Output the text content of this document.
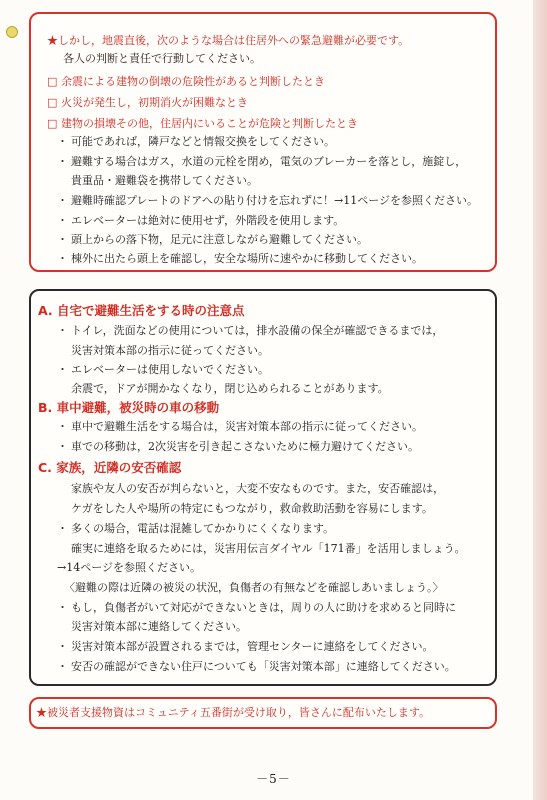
★しかし，地震直後，次のような場合は住居外への緊急避難が必要です。
各人の判断と責任で行動してください。
□ 余震による建物の倒壊の危険性があると判断したとき
□ 火災が発生し，初期消火が困難なとき
□ 建物の損壊その他，住居内にいることが危険と判断したとき
・ 可能であれば，隣戸などと情報交換をしてください。
・ 避難する場合はガス，水道の元栓を閉め，電気のブレーカーを落とし，施錠し，
貴重品・避難袋を携帯してください。
・ 避難時確認プレートのドアへの貼り付けを忘れずに！→11ページを参照ください。
・ エレベーターは絶対に使用せず，外階段を使用します。
・ 頭上からの落下物，足元に注意しながら避難してください。
・ 棟外に出たら頭上を確認し，安全な場所に速やかに移動してください。
A. 自宅で避難生活をする時の注意点
・ トイレ，洗面などの使用については，排水設備の保全が確認できるまでは，
災害対策本部の指示に従ってください。
・ エレベーターは使用しないでください。
余震で，ドアが開かなくなり，閉じ込められることがあります。
B. 車中避難，被災時の車の移動
・ 車中で避難生活をする場合は，災害対策本部の指示に従ってください。
・ 車での移動は，2次災害を引き起こさないために極力避けてください。
C. 家族，近隣の安否確認
家族や友人の安否が判らないと，大変不安なものです。また，安否確認は，
ケガをした人や場所の特定にもつながり，救命救助活動を容易にします。
・ 多くの場合，電話は混雑してかかりにくくなります。
確実に連絡を取るためには，災害用伝言ダイヤル「171番」を活用しましょう。
→14ページを参照ください。
〈避難の際は近隣の被災の状況，負傷者の有無などを確認しあいましょう。〉
・ もし，負傷者がいて対応ができないときは，周りの人に助けを求めると同時に
災害対策本部に連絡してください。
・ 災害対策本部が設置されるまでは，管理センターに連絡をしてください。
・ 安否の確認ができない住戸についても「災害対策本部」に連絡してください。
★被災者支援物資はコミュニティ五番街が受け取り，皆さんに配布いたします。
－5－
